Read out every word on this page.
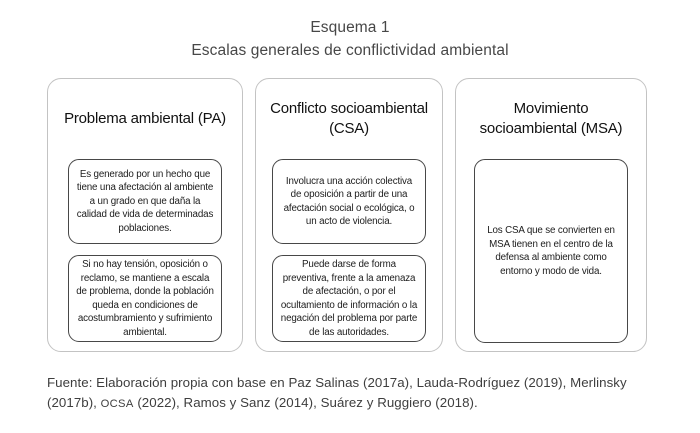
Esquema 1
Escalas generales de conflictividad ambiental
Problema ambiental (PA)
Es generado por un hecho que tiene una afectación al ambiente a un grado en que daña la calidad de vida de determinadas poblaciones.
Si no hay tensión, oposición o reclamo, se mantiene a escala de problema, donde la población queda en condiciones de acostumbramiento y sufrimiento ambiental.
Conflicto socioambiental (CSA)
Involucra una acción colectiva de oposición a partir de una afectación social o ecológica, o un acto de violencia.
Puede darse de forma preventiva, frente a la amenaza de afectación, o por el ocultamiento de información o la negación del problema por parte de las autoridades.
Movimiento socioambiental (MSA)
Los CSA que se convierten en MSA tienen en el centro de la defensa al ambiente como entorno y modo de vida.
Fuente: Elaboración propia con base en Paz Salinas (2017a), Lauda-Rodríguez (2019), Merlinsky (2017b), OCSA (2022), Ramos y Sanz (2014), Suárez y Ruggiero (2018).
